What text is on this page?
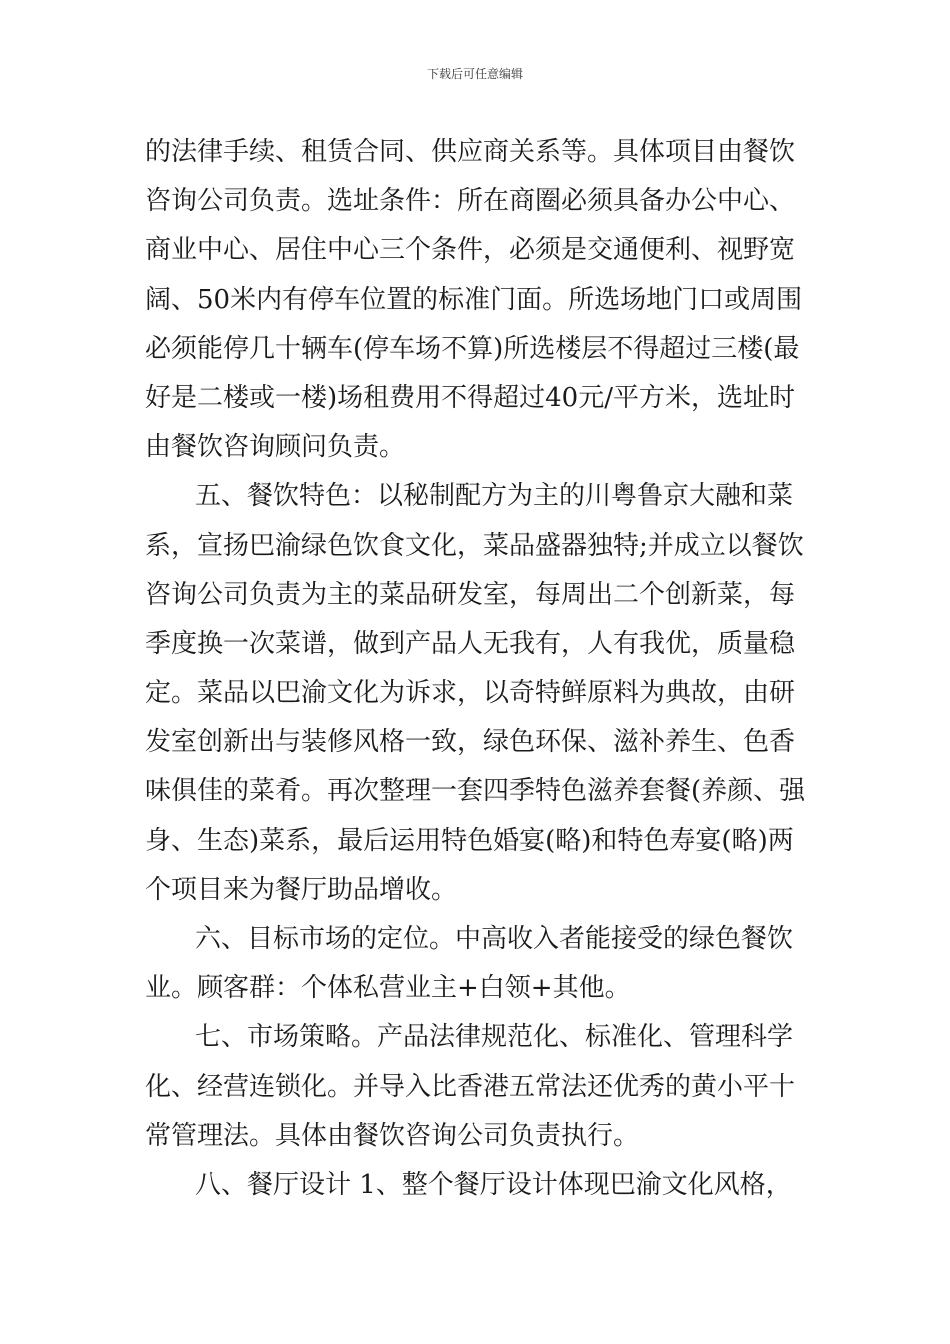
下载后可任意编辑
的法律手续、租赁合同、供应商关系等。具体项目由餐饮
咨询公司负责。选址条件：所在商圈必须具备办公中心、
商业中心、居住中心三个条件，必须是交通便利、视野宽
阔、50米内有停车位置的标准门面。所选场地门口或周围
必须能停几十辆车(停车场不算)所选楼层不得超过三楼(最
好是二楼或一楼)场租费用不得超过40元/平方米，选址时
由餐饮咨询顾问负责。
五、餐饮特色：以秘制配方为主的川粤鲁京大融和菜
系，宣扬巴渝绿色饮食文化，菜品盛器独特;并成立以餐饮
咨询公司负责为主的菜品研发室，每周出二个创新菜，每
季度换一次菜谱，做到产品人无我有，人有我优，质量稳
定。菜品以巴渝文化为诉求，以奇特鲜原料为典故，由研
发室创新出与装修风格一致，绿色环保、滋补养生、色香
味俱佳的菜肴。再次整理一套四季特色滋养套餐(养颜、强
身、生态)菜系，最后运用特色婚宴(略)和特色寿宴(略)两
个项目来为餐厅助品增收。
六、目标市场的定位。中高收入者能接受的绿色餐饮
业。顾客群：个体私营业主+白领+其他。
七、市场策略。产品法律规范化、标准化、管理科学
化、经营连锁化。并导入比香港五常法还优秀的黄小平十
常管理法。具体由餐饮咨询公司负责执行。
八、餐厅设计 1、整个餐厅设计体现巴渝文化风格，
